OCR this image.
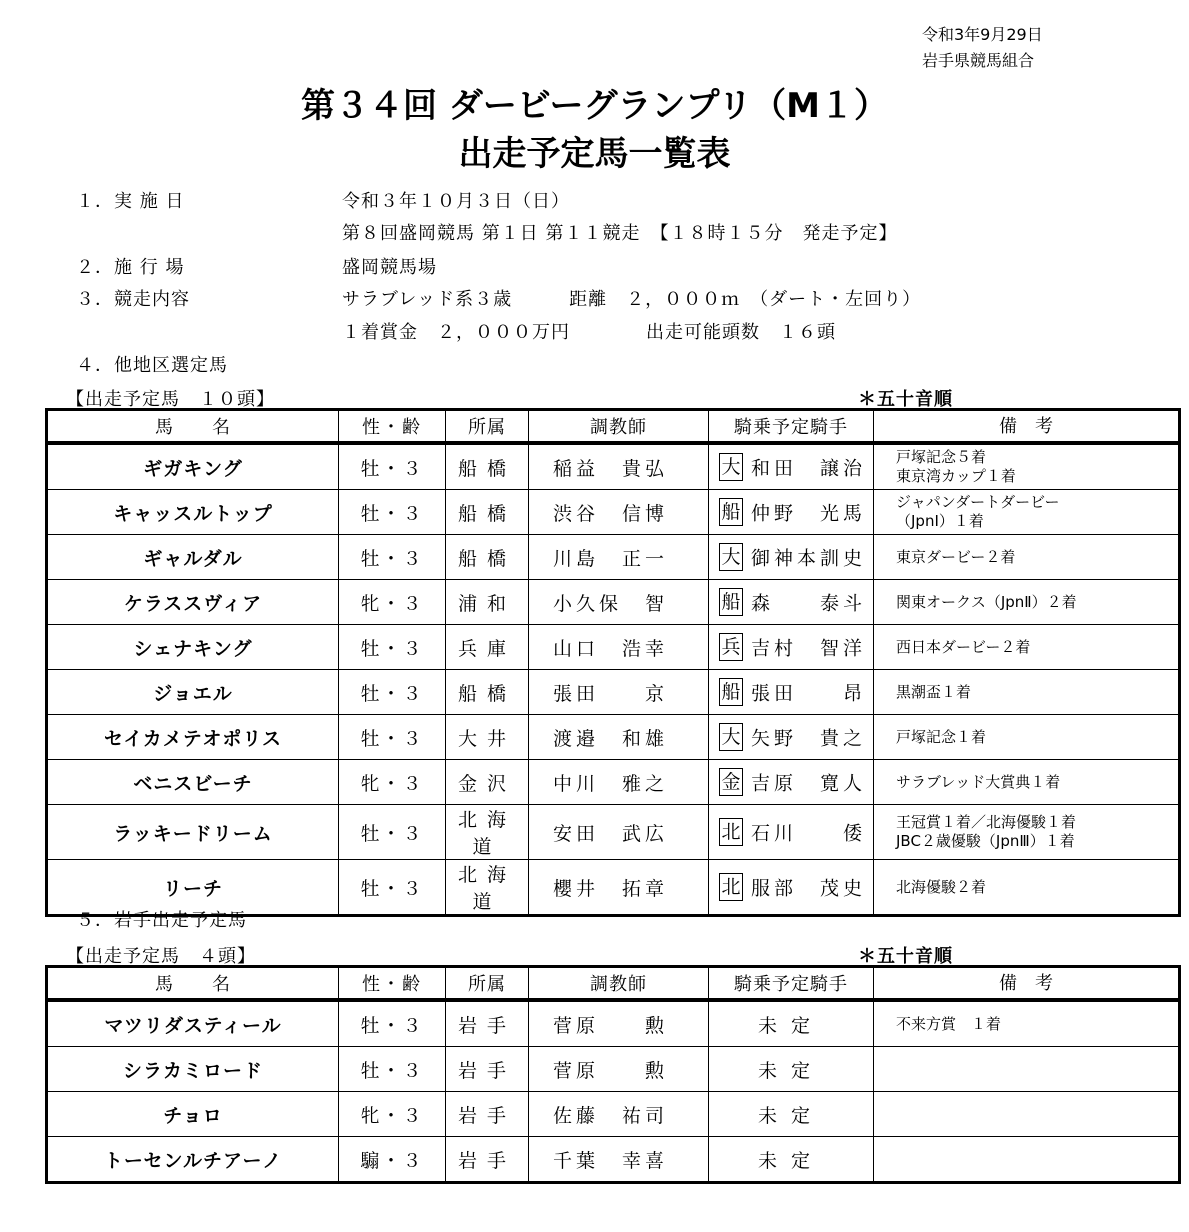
令和3年9月29日
岩手県競馬組合
第３４回 ダービーグランプリ（M１）
出走予定馬一覧表
１．実 施 日	令和３年１０月３日（日）
第８回盛岡競馬 第１日 第１１競走　【１８時１５分　発走予定】
２．施 行 場	盛岡競馬場
３．競走内容	サラブレッド系３歳　　　距離　２，０００ｍ　（ダート・左回り）
１着賞金　２，０００万円　　　　出走可能頭数　１６頭
４．他地区選定馬
【出走予定馬　１０頭】	＊五十音順
馬　　名	性・齢	所属	調教師	騎乗予定騎手	備　考
ギガキング	牡・３	船橋	稲益　貴弘	大 和田　譲治	戸塚記念５着
東京湾カップ１着

キャッスルトップ	牡・３	船橋	渋谷　信博	船 仲野　光馬	ジャパンダートダービー
（JpnⅠ）１着

ギャルダル	牡・３	船橋	川島　正一	大 御神本訓史	東京ダービー２着

ケラススヴィア	牝・３	浦和	小久保　智	船 森　　泰斗	関東オークス（JpnⅡ）２着

シェナキング	牡・３	兵庫	山口　浩幸	兵 吉村　智洋	西日本ダービー２着

ジョエル	牡・３	船橋	張田　　京	船 張田　　昂	黒潮盃１着

セイカメテオポリス	牡・３	大井	渡邉　和雄	大 矢野　貴之	戸塚記念１着

ベニスビーチ	牝・３	金沢	中川　雅之	金 吉原　寛人	サラブレッド大賞典１着

ラッキードリーム	牡・３	北海道	安田　武広	北 石川　　倭	王冠賞１着／北海優駿１着
JBC２歳優駿（JpnⅢ）１着

リーチ	牡・３	北海道	櫻井　拓章	北 服部　茂史	北海優駿２着
５．岩手出走予定馬
【出走予定馬　４頭】	＊五十音順
馬　　名	性・齢	所属	調教師	騎乗予定騎手	備　考
マツリダスティール	牡・３	岩手	菅原　　勲	未定	不来方賞　１着

シラカミロード	牡・３	岩手	菅原　　勲	未定	

チョロ	牝・３	岩手	佐藤　祐司	未定	

トーセンルチアーノ	騸・３	岩手	千葉　幸喜	未定	
